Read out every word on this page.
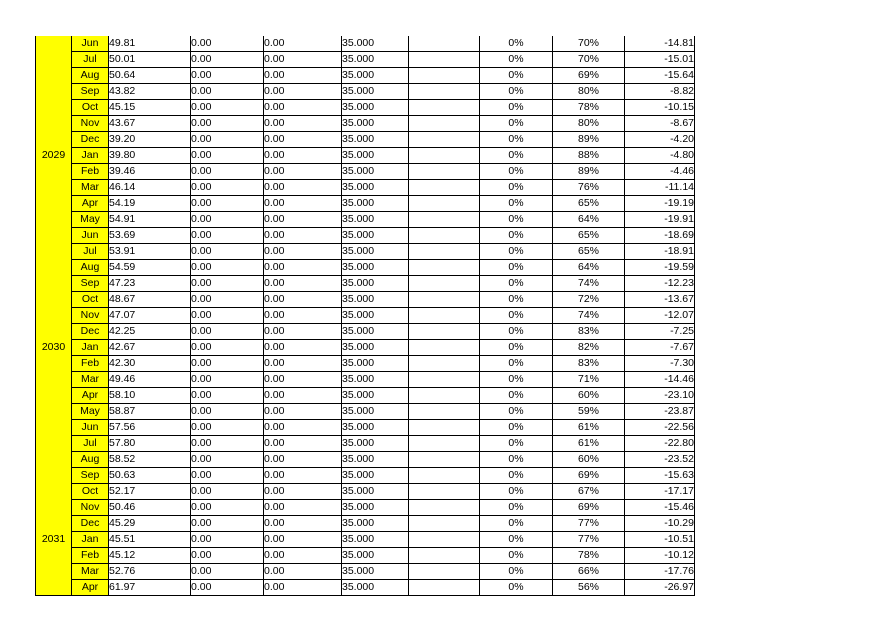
	Jun	49.81	0.00	0.00	35.000		0%	70%	-14.81
	Jul	50.01	0.00	0.00	35.000		0%	70%	-15.01
	Aug	50.64	0.00	0.00	35.000		0%	69%	-15.64
	Sep	43.82	0.00	0.00	35.000		0%	80%	-8.82
	Oct	45.15	0.00	0.00	35.000		0%	78%	-10.15
	Nov	43.67	0.00	0.00	35.000		0%	80%	-8.67
	Dec	39.20	0.00	0.00	35.000		0%	89%	-4.20
2029	Jan	39.80	0.00	0.00	35.000		0%	88%	-4.80
	Feb	39.46	0.00	0.00	35.000		0%	89%	-4.46
	Mar	46.14	0.00	0.00	35.000		0%	76%	-11.14
	Apr	54.19	0.00	0.00	35.000		0%	65%	-19.19
	May	54.91	0.00	0.00	35.000		0%	64%	-19.91
	Jun	53.69	0.00	0.00	35.000		0%	65%	-18.69
	Jul	53.91	0.00	0.00	35.000		0%	65%	-18.91
	Aug	54.59	0.00	0.00	35.000		0%	64%	-19.59
	Sep	47.23	0.00	0.00	35.000		0%	74%	-12.23
	Oct	48.67	0.00	0.00	35.000		0%	72%	-13.67
	Nov	47.07	0.00	0.00	35.000		0%	74%	-12.07
	Dec	42.25	0.00	0.00	35.000		0%	83%	-7.25
2030	Jan	42.67	0.00	0.00	35.000		0%	82%	-7.67
	Feb	42.30	0.00	0.00	35.000		0%	83%	-7.30
	Mar	49.46	0.00	0.00	35.000		0%	71%	-14.46
	Apr	58.10	0.00	0.00	35.000		0%	60%	-23.10
	May	58.87	0.00	0.00	35.000		0%	59%	-23.87
	Jun	57.56	0.00	0.00	35.000		0%	61%	-22.56
	Jul	57.80	0.00	0.00	35.000		0%	61%	-22.80
	Aug	58.52	0.00	0.00	35.000		0%	60%	-23.52
	Sep	50.63	0.00	0.00	35.000		0%	69%	-15.63
	Oct	52.17	0.00	0.00	35.000		0%	67%	-17.17
	Nov	50.46	0.00	0.00	35.000		0%	69%	-15.46
	Dec	45.29	0.00	0.00	35.000		0%	77%	-10.29
2031	Jan	45.51	0.00	0.00	35.000		0%	77%	-10.51
	Feb	45.12	0.00	0.00	35.000		0%	78%	-10.12
	Mar	52.76	0.00	0.00	35.000		0%	66%	-17.76
	Apr	61.97	0.00	0.00	35.000		0%	56%	-26.97
